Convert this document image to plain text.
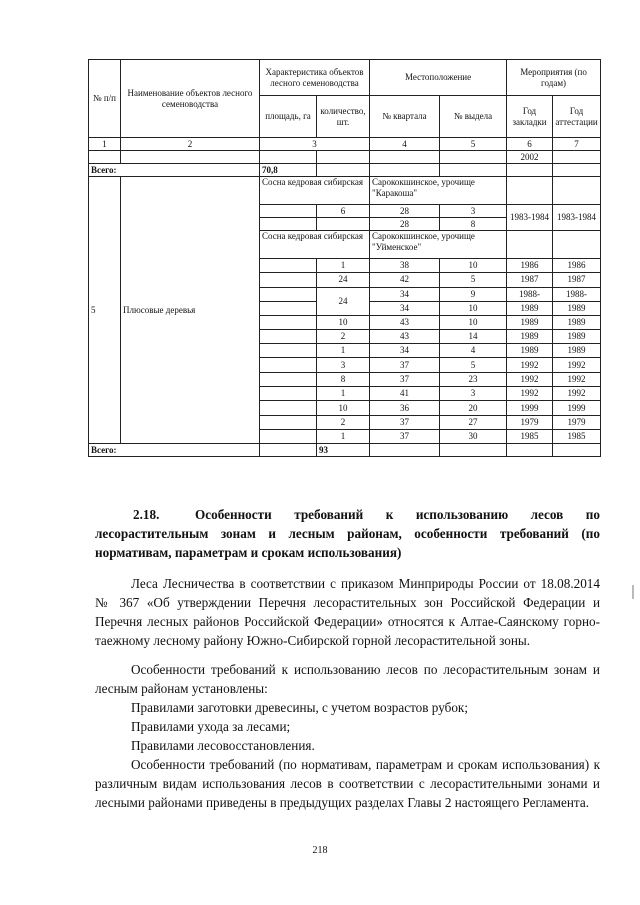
№ п/п	Наименование объектов лесного семеноводства	Характеристика объектов лесного семеноводства		Местоположение		Мероприятия (по годам)	
		площадь, га	количество, шт.	№ квартала	№ выдела	Год закладки	Год аттестации
1	2	3		4	5	6	7
						2002	
Всего:		70,8					
5	Плюсовые деревья	Сосна кедровая сибирская		Сарококшинское, урочище "Каракоша"			
			6	28	3	1983-1984	1983-1984
				28	8		
		Сосна кедровая сибирская		Сарококшинское, урочище "Уйменское"			
			1	38	10	1986	1986
			24	42	5	1987	1987
			24	34	9	1988-	1988-
				34	10	1989	1989
			10	43	10	1989	1989
			2	43	14	1989	1989
			1	34	4	1989	1989
			3	37	5	1992	1992
			8	37	23	1992	1992
			1	41	3	1992	1992
			10	36	20	1999	1999
			2	37	27	1979	1979
			1	37	30	1985	1985
Всего:			93				
2.18.	Особенности требований к использованию лесов по лесорастительным зонам и лесным районам, особенности требований (по нормативам, параметрам и срокам использования)
Леса Лесничества в соответствии с приказом Минприроды России от 18.08.2014 № 367 «Об утверждении Перечня лесорастительных зон Российской Федерации и Перечня лесных районов Российской Федерации» относятся к Алтае-Саянскому горно-таежному лесному району Южно-Сибирской горной лесорастительной зоны.
Особенности требований к использованию лесов по лесорастительным зонам и лесным районам установлены:
Правилами заготовки древесины, с учетом возрастов рубок;
Правилами ухода за лесами;
Правилами лесовосстановления.
Особенности требований (по нормативам, параметрам и срокам использования) к различным видам использования лесов в соответствии с лесорастительными зонами и лесными районами приведены в предыдущих разделах Главы 2 настоящего Регламента.
218
